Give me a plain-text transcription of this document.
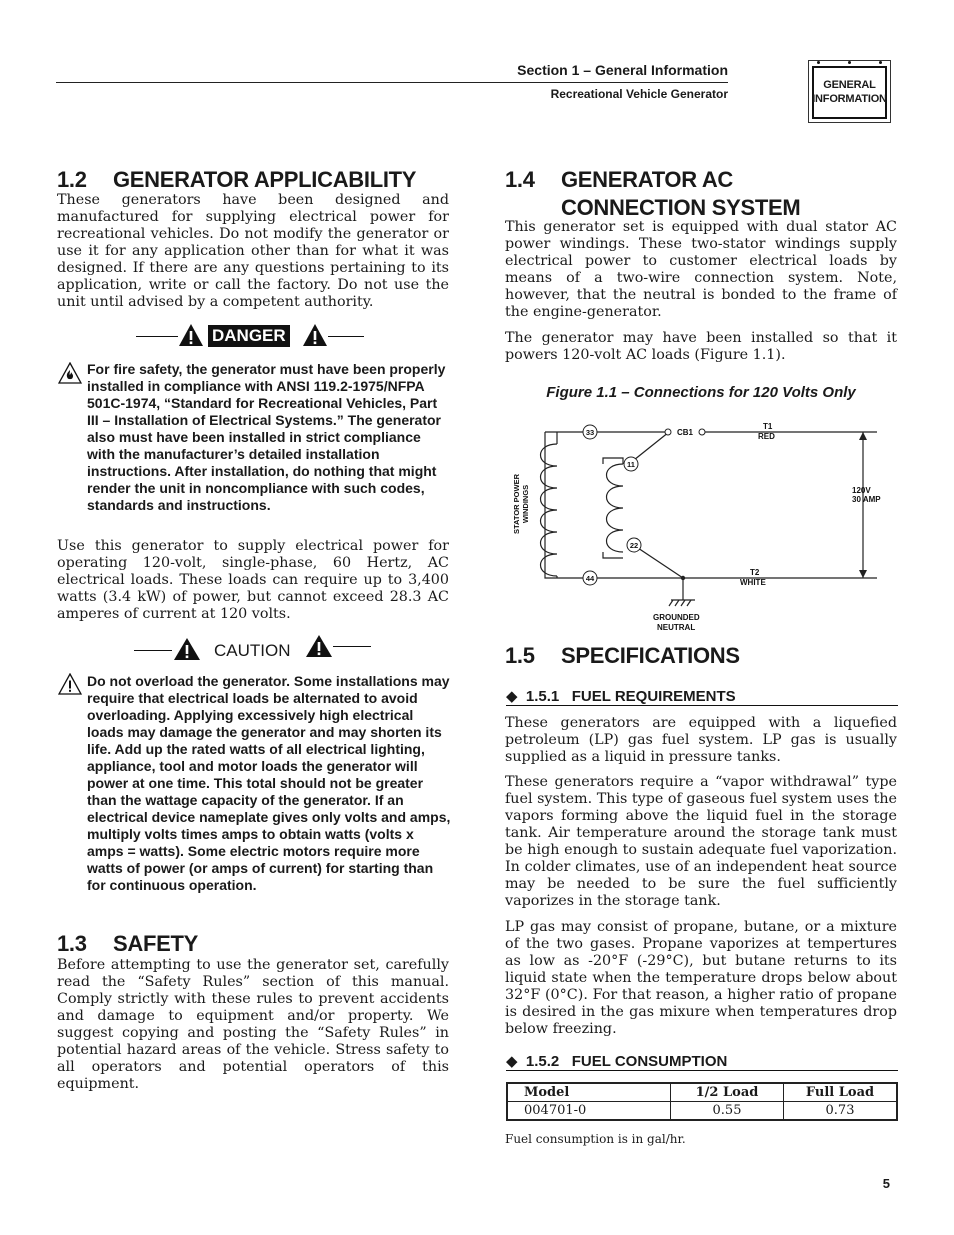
Section 1 – General Information
Recreational Vehicle Generator
GENERAL
INFORMATION
1.2 GENERATOR APPLICABILITY

These generators have been designed and manufactured for supplying electrical power for recreational vehicles. Do not modify the generator or use it for any application other than for what it was designed. If there are any questions pertaining to its application, write or call the factory. Do not use the unit until advised by a competent authority.

DANGER

For fire safety, the generator must have been properly installed in compliance with ANSI 119.2-1975/NFPA 501C-1974, “Standard for Recreational Vehicles, Part III – Installation of Electrical Systems.” The generator also must have been installed in strict compliance with the manufacturer’s detailed installation instructions. After installation, do nothing that might render the unit in noncompliance with such codes, standards and instructions.

Use this generator to supply electrical power for operating 120-volt, single-phase, 60 Hertz, AC electrical loads. These loads can require up to 3,400 watts (3.4 kW) of power, but cannot exceed 28.3 AC amperes of current at 120 volts.

CAUTION

Do not overload the generator. Some installations may require that electrical loads be alternated to avoid overloading. Applying excessively high electrical loads may damage the generator and may shorten its life. Add up the rated watts of all electrical lighting, appliance, tool and motor loads the generator will power at one time. This total should not be greater than the wattage capacity of the generator. If an electrical device nameplate gives only volts and amps, multiply volts times amps to obtain watts (volts x amps = watts). Some electric motors require more watts of power (or amps of current) for starting than for continuous operation.

1.3 SAFETY

Before attempting to use the generator set, carefully read the “Safety Rules” section of this manual. Comply strictly with these rules to prevent accidents and damage to equipment and/or property. We suggest copying and posting the “Safety Rules” in potential hazard areas of the vehicle. Stress safety to all operators and potential operators of this equipment.

1.4 GENERATOR AC
CONNECTION SYSTEM

This generator set is equipped with dual stator AC power windings. These two-stator windings supply electrical power to customer electrical loads by means of a two-wire connection system. Note, however, that the neutral is bonded to the frame of the engine-generator.

The generator may have been installed so that it powers 120-volt AC loads (Figure 1.1).

Figure 1.1 – Connections for 120 Volts Only
33
11
22
44
CB1
T1
RED
T2
WHITE
120V
30 AMP
GROUNDED
NEUTRAL
STATOR POWER WINDINGS
1.5 SPECIFICATIONS
◆ 1.5.1   FUEL REQUIREMENTS

These generators are equipped with a liquefied petroleum (LP) gas fuel system. LP gas is usually supplied as a liquid in pressure tanks.

These generators require a “vapor withdrawal” type fuel system. This type of gaseous fuel system uses the vapors forming above the liquid fuel in the storage tank. Air temperature around the storage tank must be high enough to sustain adequate fuel vaporization. In colder climates, use of an independent heat source may be needed to be sure the fuel sufficiently vaporizes in the storage tank.

LP gas may consist of propane, butane, or a mixture of the two gases. Propane vaporizes at tempertures as low as -20°F (-29°C), but butane returns to its liquid state when the temperature drops below about 32°F (0°C). For that reason, a higher ratio of propane is desired in the gas mixure when temperatures drop below freezing.

◆ 1.5.2   FUEL CONSUMPTION
Model	1/2 Load	Full Load
004701-0	0.55	0.73
Fuel consumption is in gal/hr.
5
